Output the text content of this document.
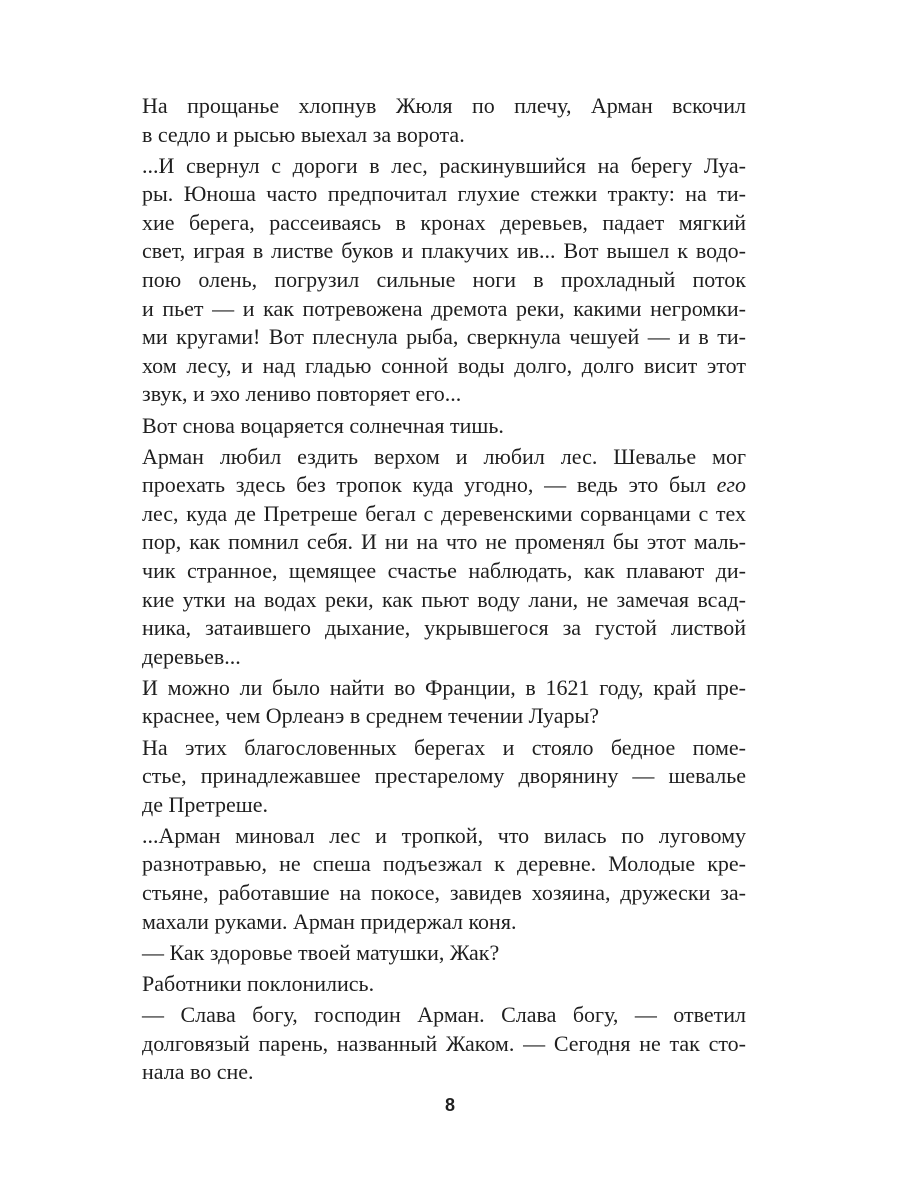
На прощанье хлопнув Жюля по плечу, Арман вскочил
в седло и рысью выехал за ворота.
...И свернул с дороги в лес, раскинувшийся на берегу Луа-
ры. Юноша часто предпочитал глухие стежки тракту: на ти-
хие берега, рассеиваясь в кронах деревьев, падает мягкий
свет, играя в листве буков и плакучих ив... Вот вышел к водо-
пою олень, погрузил сильные ноги в прохладный поток
и пьет — и как потревожена дремота реки, какими негромки-
ми кругами! Вот плеснула рыба, сверкнула чешуей — и в ти-
хом лесу, и над гладью сонной воды долго, долго висит этот
звук, и эхо лениво повторяет его...
Вот снова воцаряется солнечная тишь.
Арман любил ездить верхом и любил лес. Шевалье мог
проехать здесь без тропок куда угодно, — ведь это был его
лес, куда де Претреше бегал с деревенскими сорванцами с тех
пор, как помнил себя. И ни на что не променял бы этот маль-
чик странное, щемящее счастье наблюдать, как плавают ди-
кие утки на водах реки, как пьют воду лани, не замечая всад-
ника, затаившего дыхание, укрывшегося за густой листвой
деревьев...
И можно ли было найти во Франции, в 1621 году, край пре-
краснее, чем Орлеанэ в среднем течении Луары?
На этих благословенных берегах и стояло бедное поме-
стье, принадлежавшее престарелому дворянину — шевалье
де Претреше.
...Арман миновал лес и тропкой, что вилась по луговому
разнотравью, не спеша подъезжал к деревне. Молодые кре-
стьяне, работавшие на покосе, завидев хозяина, дружески за-
махали руками. Арман придержал коня.
— Как здоровье твоей матушки, Жак?
Работники поклонились.
— Слава богу, господин Арман. Слава богу, — ответил
долговязый парень, названный Жаком. — Сегодня не так сто-
нала во сне.
8
